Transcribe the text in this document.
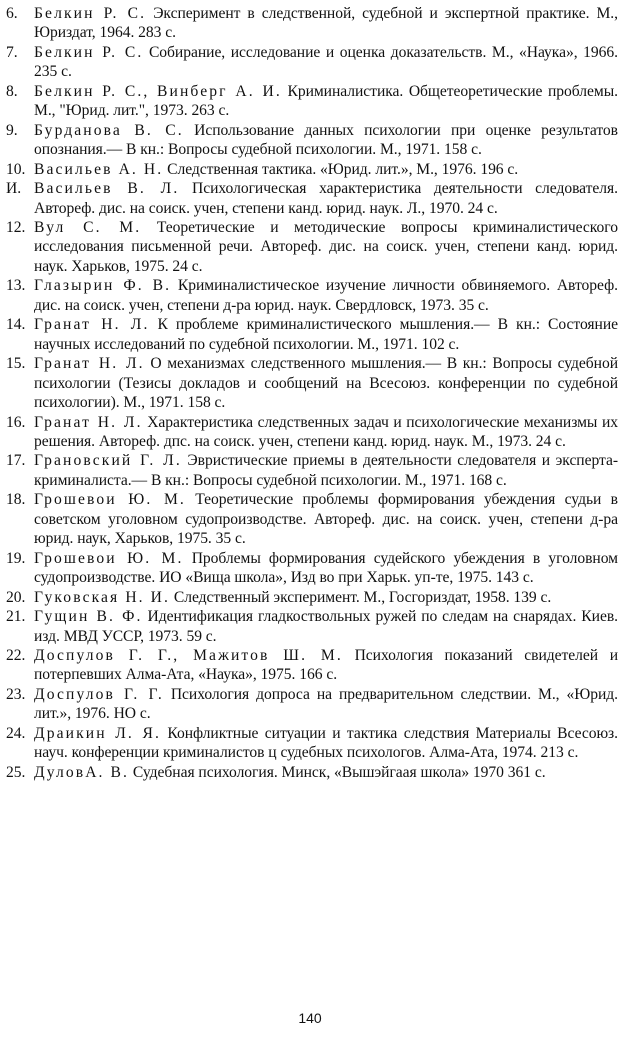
6.	Белкин Р. С. Эксперимент в следственной, судебной и экспертной практике. М., Юриздат, 1964. 283 с.
7.	Белкин Р. С. Собирание, исследование и оценка доказательств. М., «Наука», 1966. 235 с.
8.	Белкин Р. С., Винберг А. И. Криминалистика. Общетеоретические проблемы. М., "Юрид. лит.", 1973. 263 с.
9.	Бурданова В. С. Использование данных психологии при оценке результатов опознания.— В кн.: Вопросы судебной психологии. М., 1971. 158 с.
10. Васильев А. Н. Следственная тактика. «Юрид. лит.», М., 1976. 196 с.
И. Васильев В. Л. Психологическая характеристика деятельности следователя. Автореф. дис. на соиск. учен, степени канд. юрид. наук. Л., 1970. 24 с.
12. Вул С. М. Теоретические и методические вопросы криминалистического исследования письменной речи. Автореф. дис. на соиск. учен, степени канд. юрид. наук. Харьков, 1975. 24 с.
13. Глазырин Ф. В. Криминалистическое изучение личности обвиняемого. Автореф. дис. на соиск. учен, степени д-ра юрид. наук. Свердловск, 1973. 35 с.
14. Гранат Н. Л. К проблеме криминалистического мышления.— В кн.: Состояние научных исследований по судебной психологии. М., 1971. 102 с.
15. Гранат Н. Л. О механизмах следственного мышления.— В кн.: Вопросы судебной психологии (Тезисы докладов и сообщений на Всесоюз. конференции по судебной психологии). М., 1971. 158 с.
16. Гранат Н. Л. Характеристика следственных задач и психологические механизмы их решения. Автореф. дпс. на соиск. учен, степени канд. юрид. наук. М., 1973. 24 с.
17. Грановский Г. Л. Эвристические приемы в деятельности следователя и эксперта-криминалиста.— В кн.: Вопросы судебной психологии. М., 1971. 168 с.
18. Грошевои Ю. М. Теоретические проблемы формирования убеждения судьи в советском уголовном судопроизводстве. Автореф. дис. на соиск. учен, степени д-ра юрид. наук, Харьков, 1975. 35 с.
19. Грошевои Ю. М. Проблемы формирования судейского убеждения в уголовном судопроизводстве. ИО «Вища школа», Изд во при Харьк. уп-те, 1975. 143 с.
20. Гуковская Н. И. Следственный эксперимент. М., Госгориздат, 1958. 139 с.
21. Гущин В. Ф. Идентификация гладкоствольных ружей по следам на снарядах. Киев. изд. МВД УССР, 1973. 59 с.
22. Доспулов Г. Г., Мажитов Ш. М. Психология показаний свидетелей и потерпевших Алма-Ата, «Наука», 1975. 166 с.
23. Доспулов Г. Г. Психология допроса на предварительном следствии. М., «Юрид. лит.», 1976. НО с.
24. Драикин Л. Я. Конфликтные ситуации и тактика следствия Материалы Всесоюз. науч. конференции криминалистов ц судебных психологов. Алма-Ата, 1974. 213 с.
25. ДуловА. В. Судебная психология. Минск, «Вышэйгаая школа» 1970 361 с.
140
